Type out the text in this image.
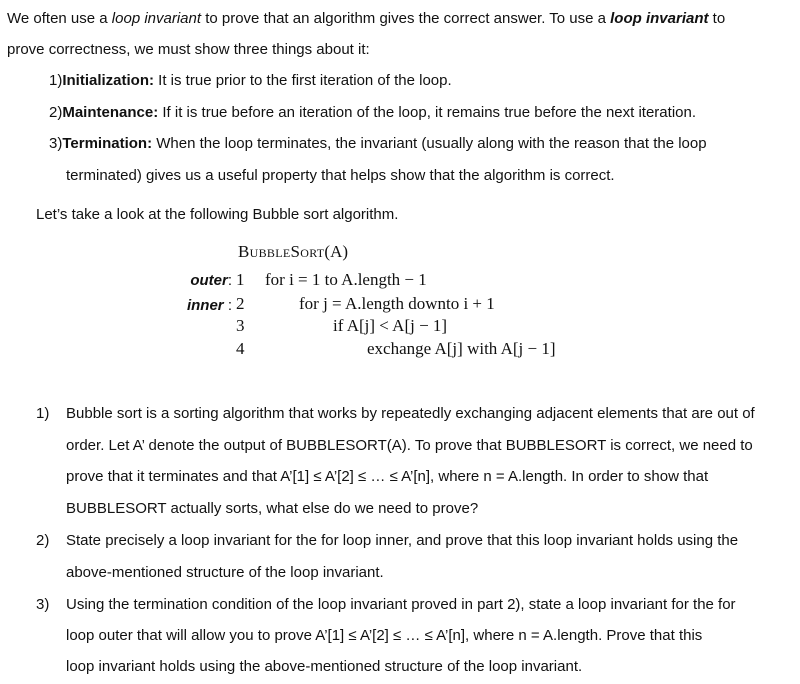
We often use a loop invariant to prove that an algorithm gives the correct answer. To use a loop invariant to
prove correctness, we must show three things about it:
1)Initialization: It is true prior to the first iteration of the loop.
2)Maintenance: If it is true before an iteration of the loop, it remains true before the next iteration.
3)Termination: When the loop terminates, the invariant (usually along with the reason that the loop
terminated) gives us a useful property that helps show that the algorithm is correct.
Let’s take a look at the following Bubble sort algorithm.
BubbleSort(A)
outer:
inner :
1
2
3
4
for i = 1 to A.length − 1
for j = A.length downto i + 1
if A[j] < A[j − 1]
exchange A[j] with A[j − 1]
1) Bubble sort is a sorting algorithm that works by repeatedly exchanging adjacent elements that are out of
order. Let A’ denote the output of BUBBLESORT(A). To prove that BUBBLESORT is correct, we need to
prove that it terminates and that A’[1] ≤ A’[2] ≤ … ≤ A’[n], where n = A.length. In order to show that
BUBBLESORT actually sorts, what else do we need to prove?
2) State precisely a loop invariant for the for loop inner, and prove that this loop invariant holds using the
above-mentioned structure of the loop invariant.
3) Using the termination condition of the loop invariant proved in part 2), state a loop invariant for the for
loop outer that will allow you to prove A’[1] ≤ A’[2] ≤ … ≤ A’[n], where n = A.length. Prove that this
loop invariant holds using the above-mentioned structure of the loop invariant.
